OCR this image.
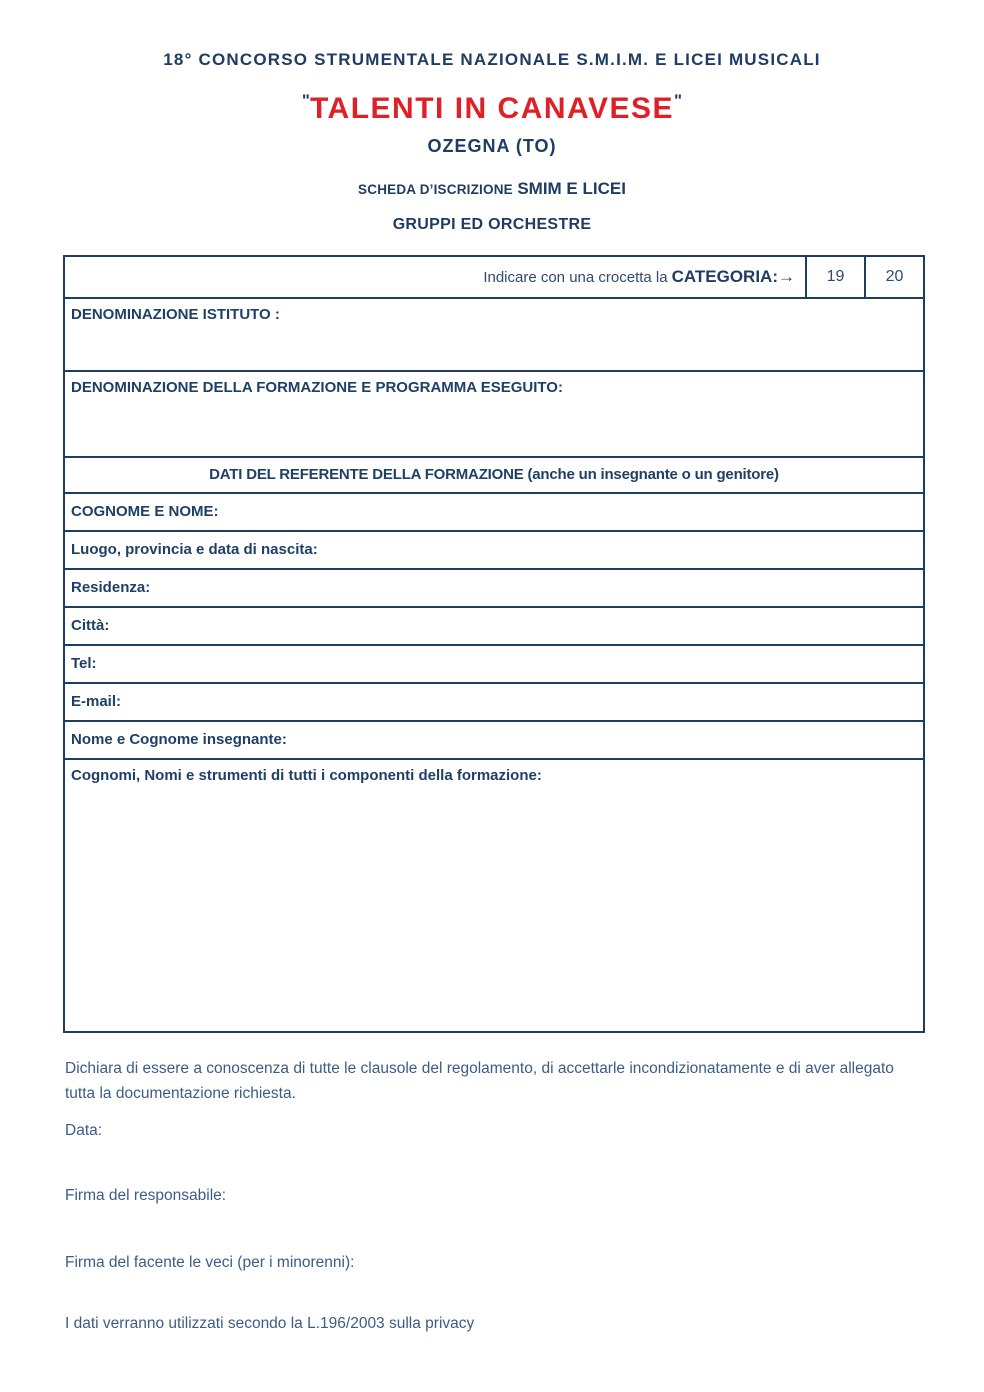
18° CONCORSO STRUMENTALE NAZIONALE S.M.I.M. E LICEI MUSICALI
"TALENTI IN CANAVESE"
OZEGNA (TO)
SCHEDA D’ISCRIZIONE SMIM E LICEI
GRUPPI ED ORCHESTRE
Indicare con una crocetta la CATEGORIA: →	19	20
DENOMINAZIONE ISTITUTO :
DENOMINAZIONE DELLA FORMAZIONE E PROGRAMMA ESEGUITO:
DATI DEL REFERENTE DELLA FORMAZIONE (anche un insegnante o un genitore)
COGNOME E NOME:
Luogo, provincia e data di nascita:
Residenza:
Città:
Tel:
E-mail:
Nome e Cognome insegnante:
Cognomi, Nomi e strumenti di tutti i componenti della formazione:
Dichiara di essere a conoscenza di tutte le clausole del regolamento, di accettarle incondizionatamente e di aver allegato tutta la documentazione richiesta.
Data:
Firma del responsabile:
Firma del facente le veci (per i minorenni):
I dati verranno utilizzati secondo la L.196/2003 sulla privacy
